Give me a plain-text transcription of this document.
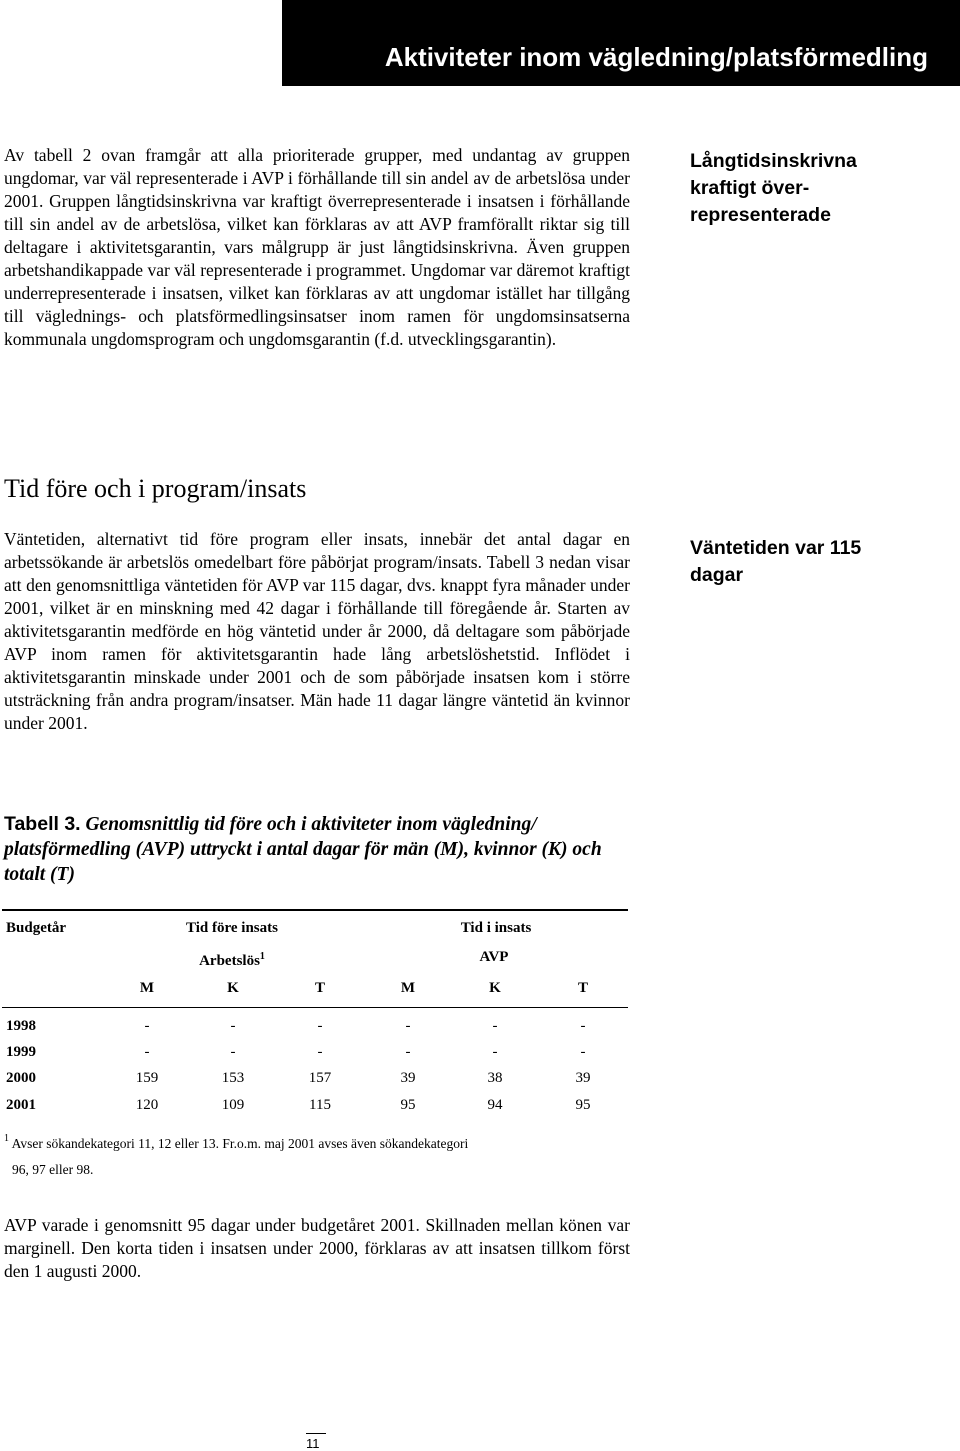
Aktiviteter inom vägledning/platsförmedling
Av tabell 2 ovan framgår att alla prioriterade grupper, med undantag av gruppen ungdomar, var väl representerade i AVP i förhållande till sin andel av de arbetslösa under 2001. Gruppen långtidsinskrivna var kraftigt överrepresenterade i insatsen i förhållande till sin andel av de arbetslösa, vilket kan förklaras av att AVP framförallt riktar sig till deltagare i aktivitetsgarantin, vars målgrupp är just långtidsinskrivna. Även gruppen arbetshandikappade var väl representerade i programmet. Ungdomar var däremot kraftigt underrepresenterade i insatsen, vilket kan förklaras av att ungdomar istället har tillgång till väglednings- och platsförmedlingsinsatser inom ramen för ungdomsinsatserna kommunala ungdomsprogram och ungdomsgarantin (f.d. utvecklingsgarantin).
Långtidsinskrivna kraftigt över-representerade
Tid före och i program/insats
Väntetiden, alternativt tid före program eller insats, innebär det antal dagar en arbetssökande är arbetslös omedelbart före påbörjat program/insats. Tabell 3 nedan visar att den genomsnittliga väntetiden för AVP var 115 dagar, dvs. knappt fyra månader under 2001, vilket är en minskning med 42 dagar i förhållande till föregående år. Starten av aktivitetsgarantin medförde en hög väntetid under år 2000, då deltagare som påbörjade AVP inom ramen för aktivitetsgarantin hade lång arbetslöshetstid. Inflödet i aktivitetsgarantin minskade under 2001 och de som påbörjade insatsen kom i större utsträckning från andra program/insatser. Män hade 11 dagar längre väntetid än kvinnor under 2001.
Väntetiden var 115 dagar
Tabell 3. Genomsnittlig tid före och i aktiviteter inom vägledning/ platsförmedling (AVP) uttryckt i antal dagar för män (M), kvinnor (K) och totalt (T)
Budgetår	Tid före insats	Tid i insats
Arbetslös$^1$	AVP
M	K	T	M	K	T
1998	-	-	-	-	-	-
1999	-	-	-	-	-	-
2000	159	153	157	39	38	39
2001	120	109	115	95	94	95
$^1$ Avser sökandekategori 11, 12 eller 13. Fr.o.m. maj 2001 avses även sökandekategori
96, 97 eller 98.
AVP varade i genomsnitt 95 dagar under budgetåret 2001. Skillnaden mellan könen var marginell. Den korta tiden i insatsen under 2000, förklaras av att insatsen tillkom först den 1 augusti 2000.
11
